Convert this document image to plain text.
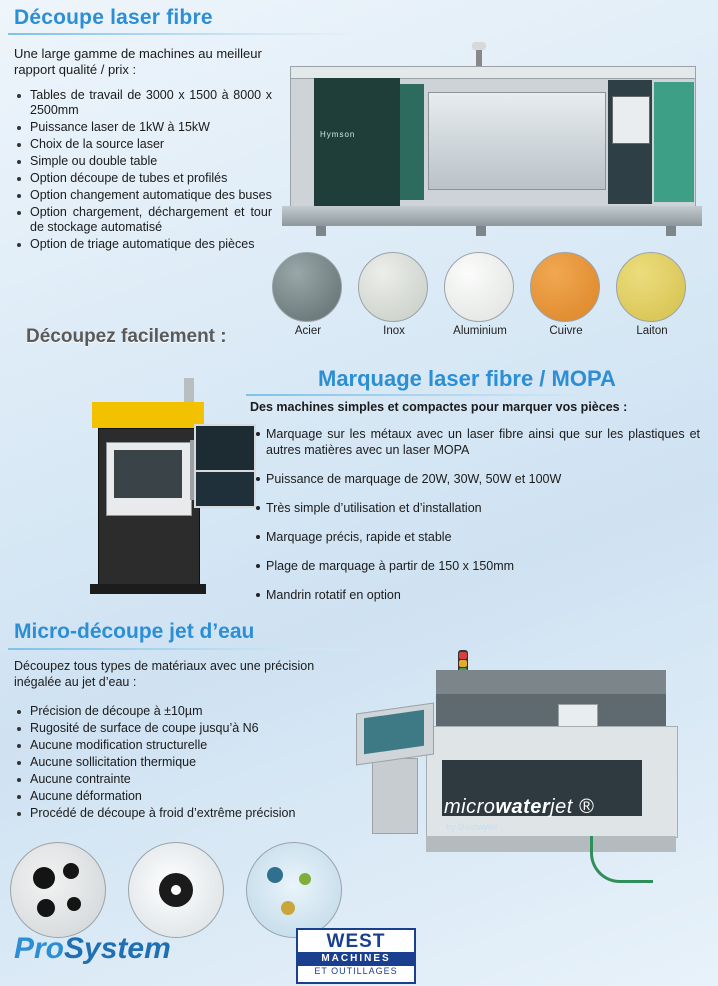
Découpe laser fibre
Une large gamme de machines au meilleur rapport qualité / prix :
Tables de travail de 3000 x 1500 à 8000 x 2500mm
Puissance laser de 1kW à 15kW
Choix de la source laser
Simple ou double table
Option découpe de tubes et profilés
Option changement automatique des buses
Option chargement, déchargement et tour de stockage automatisé
Option de triage automatique des pièces
Hymson
Acier	Inox	Aluminium	Cuivre	Laiton
Découpez facilement :
Marquage laser fibre / MOPA
Des machines simples et compactes pour marquer vos pièces :
Marquage sur les métaux avec un laser fibre ainsi que sur les plastiques et autres matières avec un laser MOPA
Puissance de marquage de 20W, 30W, 50W et 100W
Très simple d’utilisation et d’installation
Marquage précis, rapide et stable
Plage de marquage à partir de 150 x 150mm
Mandrin rotatif en option
Micro-découpe jet d’eau
Découpez tous types de matériaux avec une précision inégalée au jet d’eau :
Précision de découpe à ±10µm
Rugosité de surface de coupe jusqu’à N6
Aucune modification structurelle
Aucune sollicitation thermique
Aucune contrainte
Aucune déformation
Procédé de découpe à froid d’extrême précision	microwaterjet ®
by Daetwyler
ProSystem	WEST
MACHINES
ET OUTILLAGES
